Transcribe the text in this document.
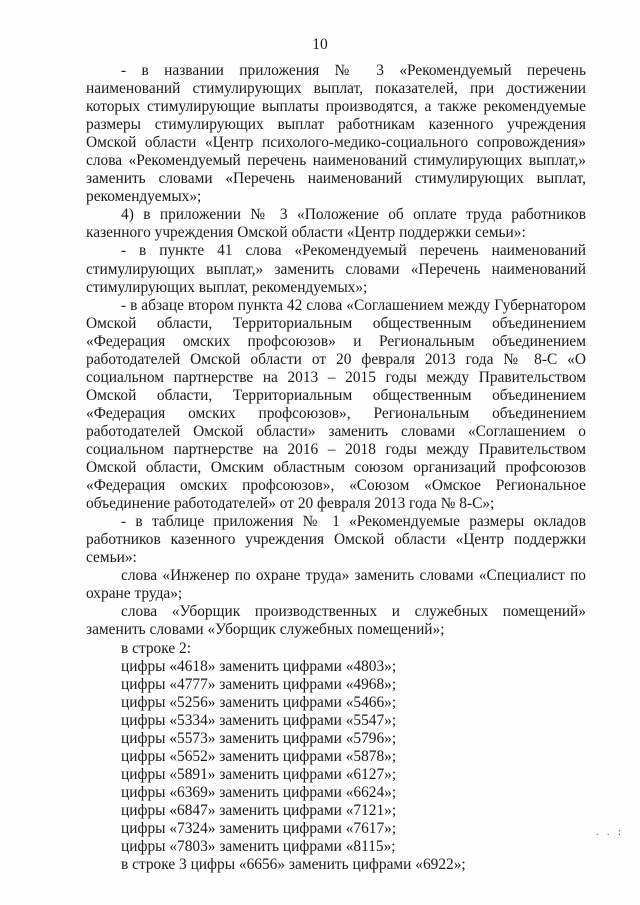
10

- в названии приложения № 3 «Рекомендуемый перечень наименований стимулирующих выплат, показателей, при достижении которых стимулирующие выплаты производятся, а также рекомендуемые размеры стимулирующих выплат работникам казенного учреждения Омской области «Центр психолого-медико-социального сопровождения» слова «Рекомендуемый перечень наименований стимулирующих выплат,» заменить словами «Перечень наименований стимулирующих выплат, рекомендуемых»;

4) в приложении № 3 «Положение об оплате труда работников казенного учреждения Омской области «Центр поддержки семьи»:

- в пункте 41 слова «Рекомендуемый перечень наименований стимулирующих выплат,» заменить словами «Перечень наименований стимулирующих выплат, рекомендуемых»;

- в абзаце втором пункта 42 слова «Соглашением между Губернатором Омской области, Территориальным общественным объединением «Федерация омских профсоюзов» и Региональным объединением работодателей Омской области от 20 февраля 2013 года № 8-С «О социальном партнерстве на 2013 – 2015 годы между Правительством Омской области, Территориальным общественным объединением «Федерация омских профсоюзов», Региональным объединением работодателей Омской области» заменить словами «Соглашением о социальном партнерстве на 2016 – 2018 годы между Правительством Омской области, Омским областным союзом организаций профсоюзов «Федерация омских профсоюзов», «Союзом «Омское Региональное объединение работодателей» от 20 февраля 2013 года № 8-С»;

- в таблице приложения № 1 «Рекомендуемые размеры окладов работников казенного учреждения Омской области «Центр поддержки семьи»:

слова «Инженер по охране труда» заменить словами «Специалист по охране труда»;

слова «Уборщик производственных и служебных помещений» заменить словами «Уборщик служебных помещений»;

в строке 2:

цифры «4618» заменить цифрами «4803»;

цифры «4777» заменить цифрами «4968»;

цифры «5256» заменить цифрами «5466»;

цифры «5334» заменить цифрами «5547»;

цифры «5573» заменить цифрами «5796»;

цифры «5652» заменить цифрами «5878»;

цифры «5891» заменить цифрами «6127»;

цифры «6369» заменить цифрами «6624»;

цифры «6847» заменить цифрами «7121»;

цифры «7324» заменить цифрами «7617»;

цифры «7803» заменить цифрами «8115»;

в строке 3 цифры «6656» заменить цифрами «6922»;

. . :
